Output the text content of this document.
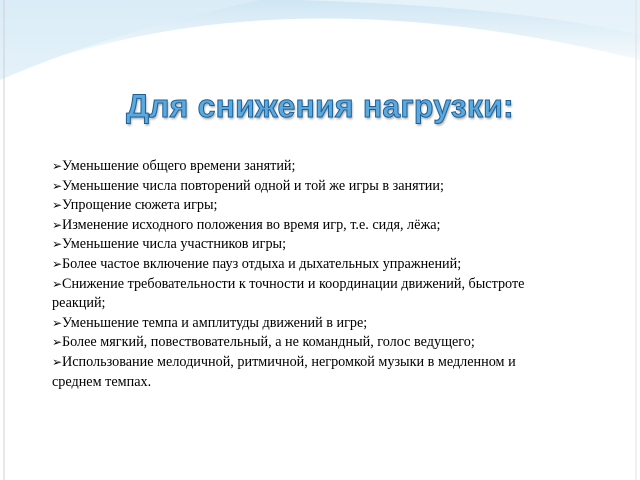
Для снижения нагрузки:
➢ Уменьшение общего времени занятий;
➢ Уменьшение числа повторений одной и той же игры в занятии;
➢ Упрощение сюжета игры;
➢ Изменение исходного положения во время игр, т.е. сидя, лёжа;
➢ Уменьшение числа участников игры;
➢ Более частое включение пауз отдыха и дыхательных упражнений;
➢ Снижение требовательности к точности и координации движений, быстроте
реакций;
➢ Уменьшение темпа и амплитуды движений в игре;
➢ Более мягкий, повествовательный, а не командный, голос ведущего;
➢ Использование мелодичной, ритмичной, негромкой музыки в медленном и
среднем темпах.
